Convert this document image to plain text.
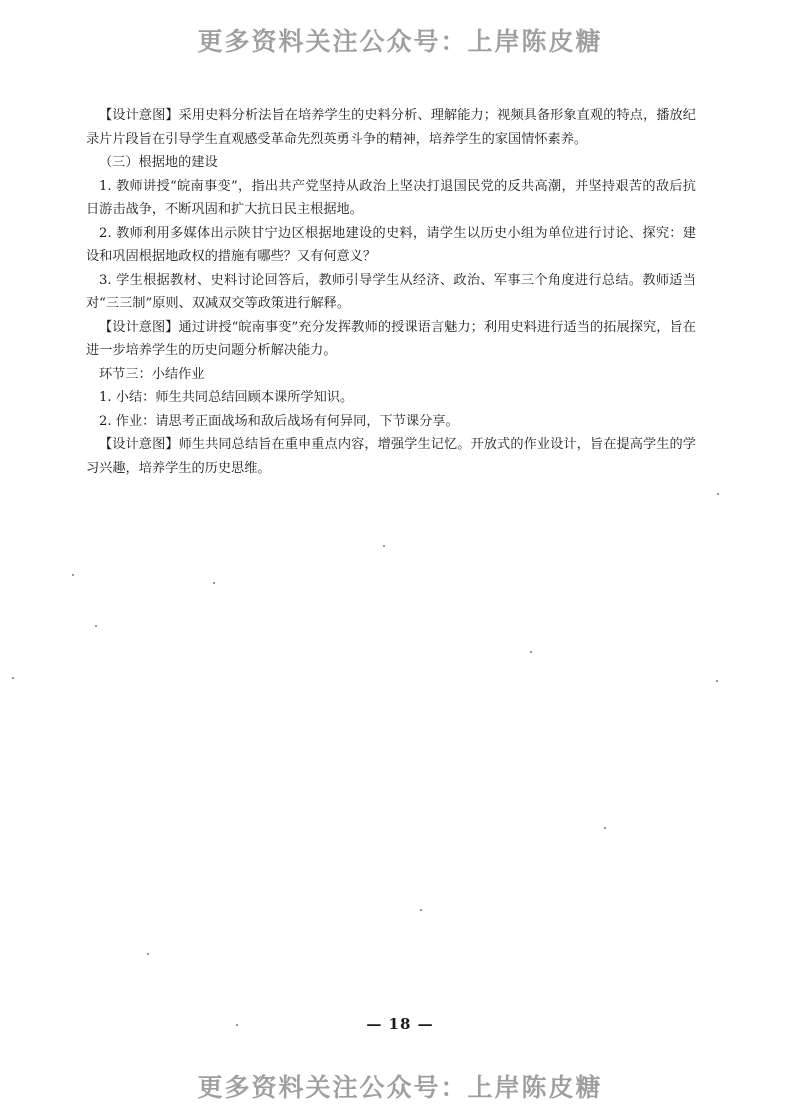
更多资料关注公众号：上岸陈皮糖

【设计意图】采用史料分析法旨在培养学生的史料分析、理解能力；视频具备形象直观的特点，播放纪录片片段旨在引导学生直观感受革命先烈英勇斗争的精神，培养学生的家国情怀素养。

（三）根据地的建设

1. 教师讲授“皖南事变”，指出共产党坚持从政治上坚决打退国民党的反共高潮，并坚持艰苦的敌后抗日游击战争，不断巩固和扩大抗日民主根据地。

2. 教师利用多媒体出示陕甘宁边区根据地建设的史料，请学生以历史小组为单位进行讨论、探究：建设和巩固根据地政权的措施有哪些？又有何意义？

3. 学生根据教材、史料讨论回答后，教师引导学生从经济、政治、军事三个角度进行总结。教师适当对“三三制”原则、双减双交等政策进行解释。

【设计意图】通过讲授“皖南事变”充分发挥教师的授课语言魅力；利用史料进行适当的拓展探究，旨在进一步培养学生的历史问题分析解决能力。

环节三：小结作业

1. 小结：师生共同总结回顾本课所学知识。

2. 作业：请思考正面战场和敌后战场有何异同，下节课分享。

【设计意图】师生共同总结旨在重申重点内容，增强学生记忆。开放式的作业设计，旨在提高学生的学习兴趣，培养学生的历史思维。

— 18 —
更多资料关注公众号：上岸陈皮糖
